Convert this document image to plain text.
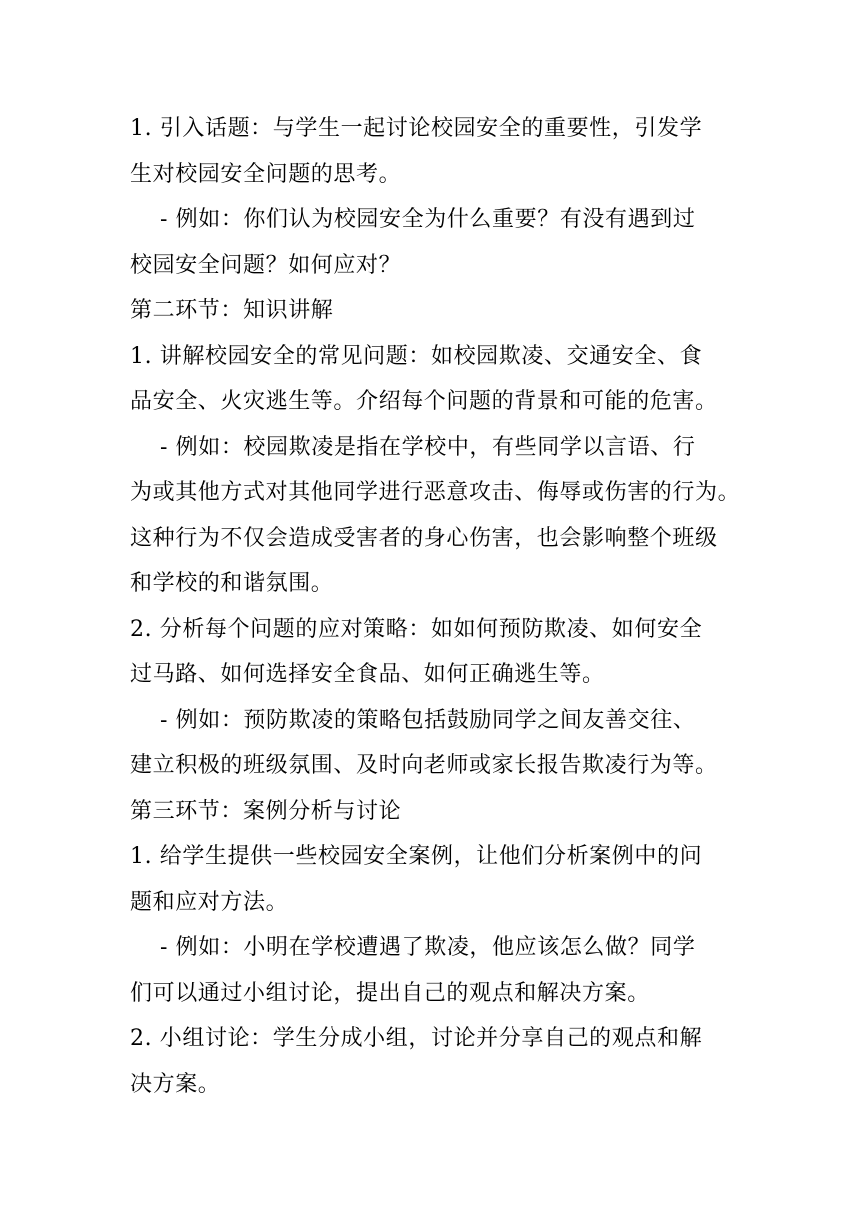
1. 引入话题：与学生一起讨论校园安全的重要性，引发学
生对校园安全问题的思考。
- 例如：你们认为校园安全为什么重要？有没有遇到过
校园安全问题？如何应对？
第二环节：知识讲解
1. 讲解校园安全的常见问题：如校园欺凌、交通安全、食
品安全、火灾逃生等。介绍每个问题的背景和可能的危害。
- 例如：校园欺凌是指在学校中，有些同学以言语、行
为或其他方式对其他同学进行恶意攻击、侮辱或伤害的行为。
这种行为不仅会造成受害者的身心伤害，也会影响整个班级
和学校的和谐氛围。
2. 分析每个问题的应对策略：如如何预防欺凌、如何安全
过马路、如何选择安全食品、如何正确逃生等。
- 例如：预防欺凌的策略包括鼓励同学之间友善交往、
建立积极的班级氛围、及时向老师或家长报告欺凌行为等。
第三环节：案例分析与讨论
1. 给学生提供一些校园安全案例，让他们分析案例中的问
题和应对方法。
- 例如：小明在学校遭遇了欺凌，他应该怎么做？同学
们可以通过小组讨论，提出自己的观点和解决方案。
2. 小组讨论：学生分成小组，讨论并分享自己的观点和解
决方案。
